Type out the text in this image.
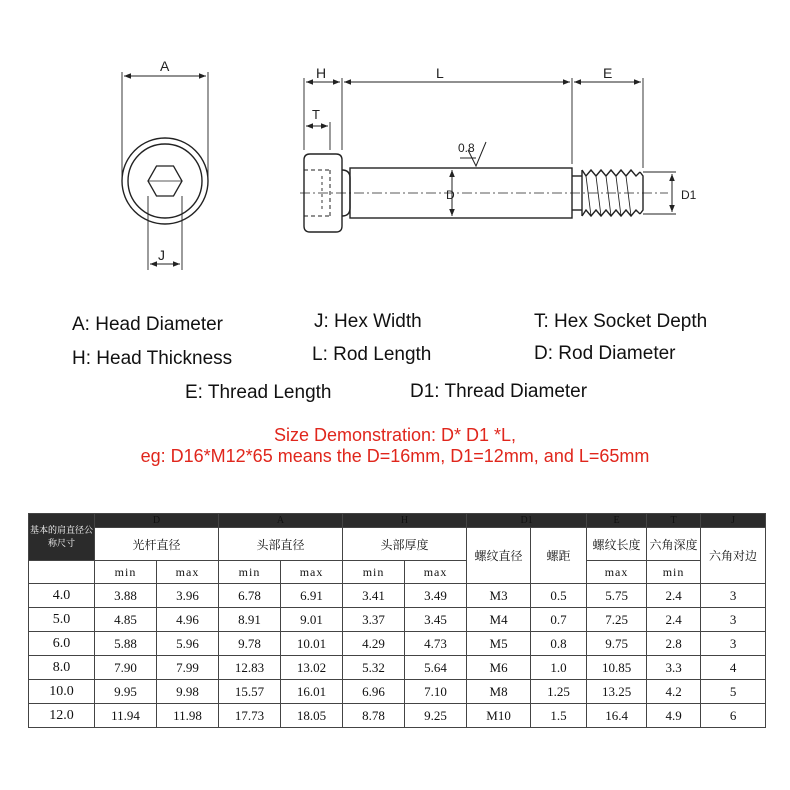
A
J
H	L	E
T
D	D1
0.8
A: Head Diameter	J: Hex Width	T: Hex Socket Depth
H: Head Thickness	L: Rod Length	D: Rod Diameter
E: Thread Length	D1: Thread Diameter
Size Demonstration: D* D1 *L,
eg: D16*M12*65 means the D=16mm, D1=12mm, and L=65mm
基本的肩直径公称尺寸	D		A		H		D1		E	T	J
	光杆直径		头部直径		头部厚度		螺纹直径	螺距	螺纹长度	六角深度	六角对边
	min	max	min	max	min	max			max	min	
4.0	3.88	3.96	6.78	6.91	3.41	3.49	M3	0.5	5.75	2.4	3
5.0	4.85	4.96	8.91	9.01	3.37	3.45	M4	0.7	7.25	2.4	3
6.0	5.88	5.96	9.78	10.01	4.29	4.73	M5	0.8	9.75	2.8	3
8.0	7.90	7.99	12.83	13.02	5.32	5.64	M6	1.0	10.85	3.3	4
10.0	9.95	9.98	15.57	16.01	6.96	7.10	M8	1.25	13.25	4.2	5
12.0	11.94	11.98	17.73	18.05	8.78	9.25	M10	1.5	16.4	4.9	6
